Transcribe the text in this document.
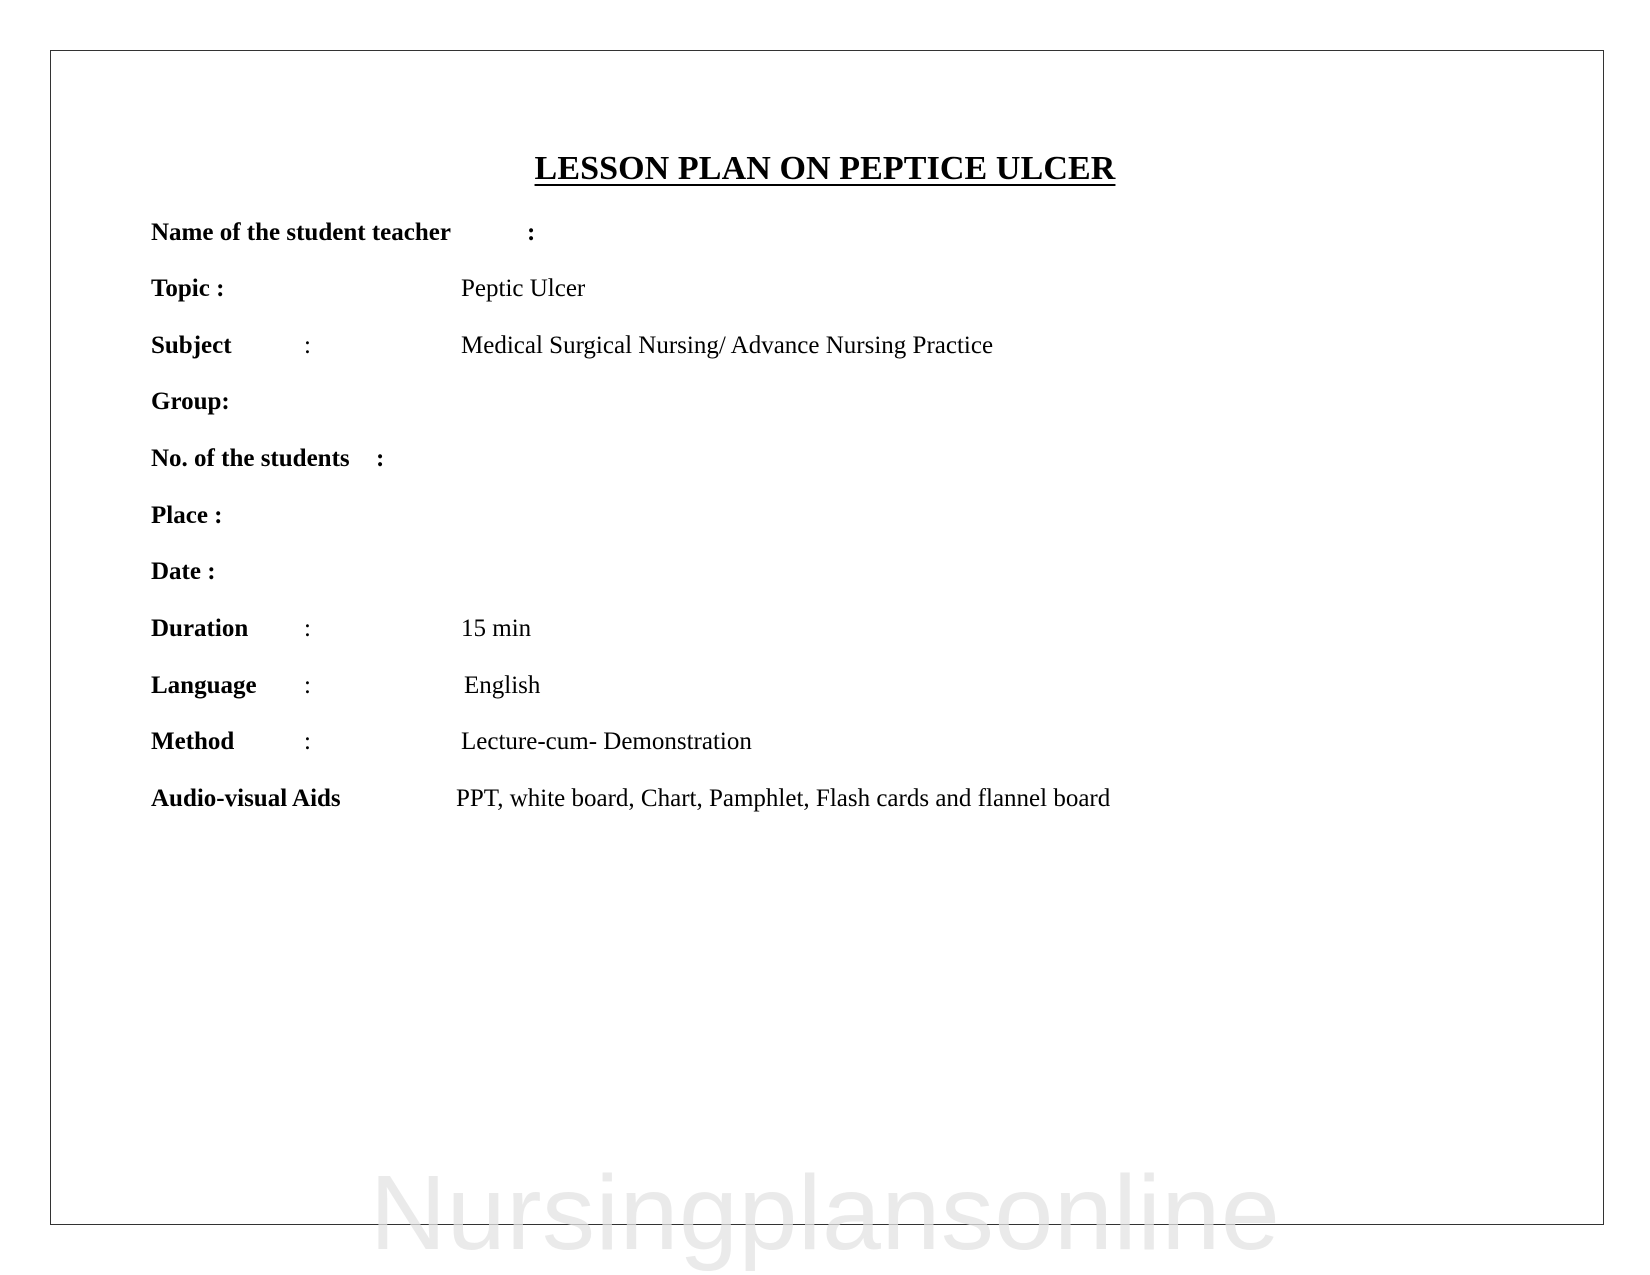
LESSON PLAN ON PEPTICE ULCER
Name of the student teacher	:
Topic :	Peptic Ulcer
Subject	:	Medical Surgical Nursing/ Advance Nursing Practice
Group:
No. of the students :
Place :
Date :
Duration :	15 min
Language :	English
Method	:	Lecture-cum- Demonstration
Audio-visual Aids	PPT, white board, Chart, Pamphlet, Flash cards and flannel board
Nursingplansonline
